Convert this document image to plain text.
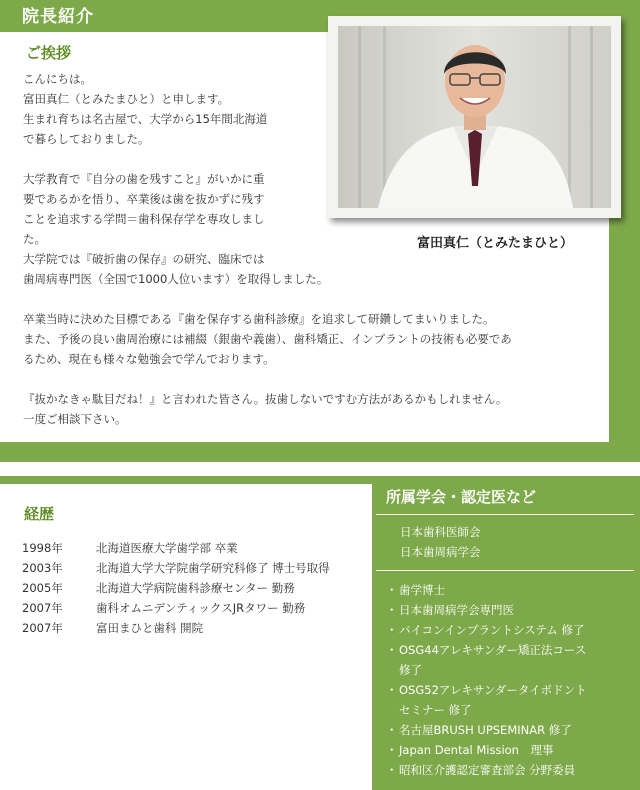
院長紹介
ご挨拶
こんにちは。
富田真仁（とみたまひと）と申します。
生まれ育ちは名古屋で、大学から15年間北海道
で暮らしておりました。
大学教育で『自分の歯を残すこと』がいかに重
要であるかを悟り、卒業後は歯を抜かずに残す
ことを追求する学問＝歯科保存学を専攻しまし
た。
大学院では『破折歯の保存』の研究、臨床では
歯周病専門医（全国で1000人位います）を取得しました。
卒業当時に決めた目標である『歯を保存する歯科診療』を追求して研鑽してまいりました。
また、予後の良い歯周治療には補綴（銀歯や義歯）、歯科矯正、インプラントの技術も必要であ
るため、現在も様々な勉強会で学んでおります。
『抜かなきゃ駄目だね！』と言われた皆さん。抜歯しないですむ方法があるかもしれません。
一度ご相談下さい。
富田真仁（とみたまひと）
経歴
1998年	北海道医療大学歯学部 卒業
2003年	北海道大学大学院歯学研究科修了 博士号取得
2005年	北海道大学病院歯科診療センター 勤務
2007年	歯科オムニデンティックスJRタワー 勤務
2007年	富田まひと歯科 開院
所属学会・認定医など
日本歯科医師会
日本歯周病学会
・ 歯学博士
・ 日本歯周病学会専門医
・ バイコンインプラントシステム 修了
・ OSG44アレキサンダー矯正法コース
修了
・ OSG52アレキサンダータイポドント
セミナー 修了
・ 名古屋BRUSH UPSEMINAR 修了
・ Japan Dental Mission　理事
・ 昭和区介護認定審査部会 分野委員
